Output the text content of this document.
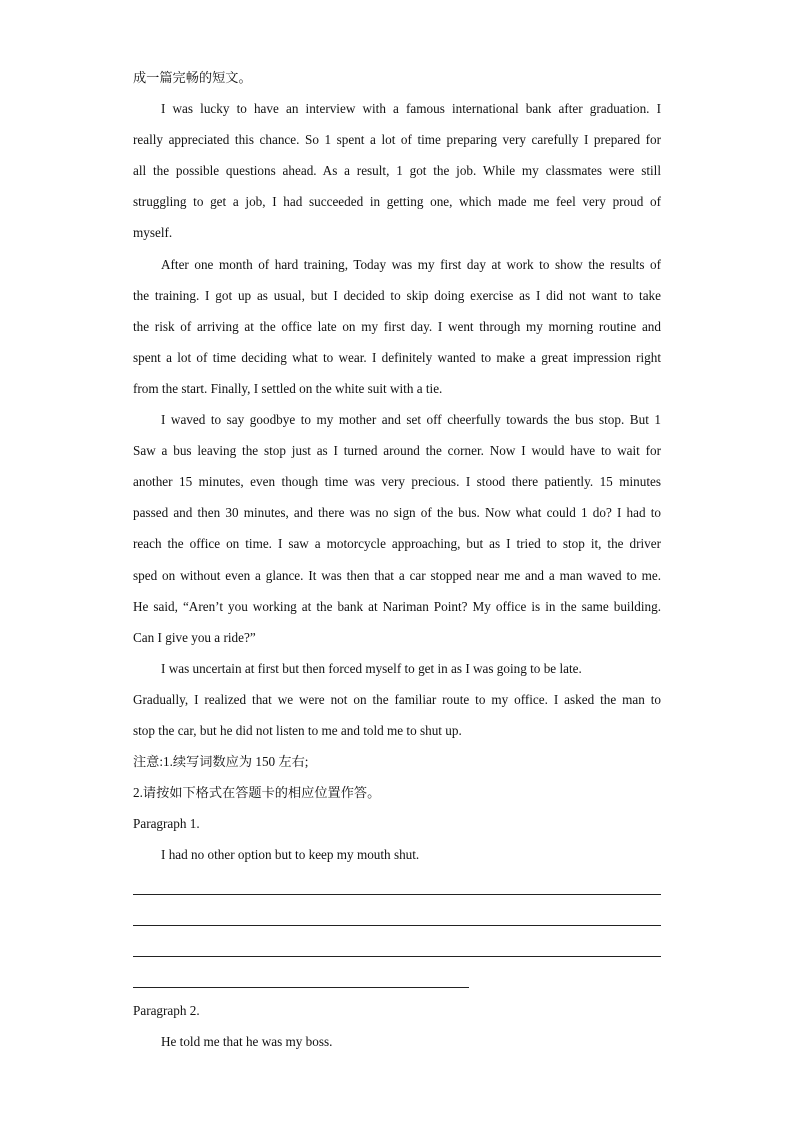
成一篇完畅的短文。
I was lucky to have an interview with a famous international bank after graduation. I
really appreciated this chance. So 1 spent a lot of time preparing very carefully I prepared for
all the possible questions ahead. As a result, 1 got the job. While my classmates were still
struggling to get a job, I had succeeded in getting one, which made me feel very proud of
myself.
After one month of hard training, Today was my first day at work to show the results of
the training. I got up as usual, but I decided to skip doing exercise as I did not want to take
the risk of arriving at the office late on my first day. I went through my morning routine and
spent a lot of time deciding what to wear. I definitely wanted to make a great impression right
from the start. Finally, I settled on the white suit with a tie.
I waved to say goodbye to my mother and set off cheerfully towards the bus stop. But 1
Saw a bus leaving the stop just as I turned around the corner. Now I would have to wait for
another 15 minutes, even though time was very precious. I stood there patiently. 15 minutes
passed and then 30 minutes, and there was no sign of the bus. Now what could 1 do? I had to
reach the office on time. I saw a motorcycle approaching, but as I tried to stop it, the driver
sped on without even a glance. It was then that a car stopped near me and a man waved to me.
He said, “Aren’t you working at the bank at Nariman Point? My office is in the same building.
Can I give you a ride?”
I was uncertain at first but then forced myself to get in as I was going to be late.
Gradually, I realized that we were not on the familiar route to my office. I asked the man to
stop the car, but he did not listen to me and told me to shut up.
注意:1.续写词数应为 150 左右;
2.请按如下格式在答题卡的相应位置作答。
Paragraph 1.
I had no other option but to keep my mouth shut.
Paragraph 2.
He told me that he was my boss.
